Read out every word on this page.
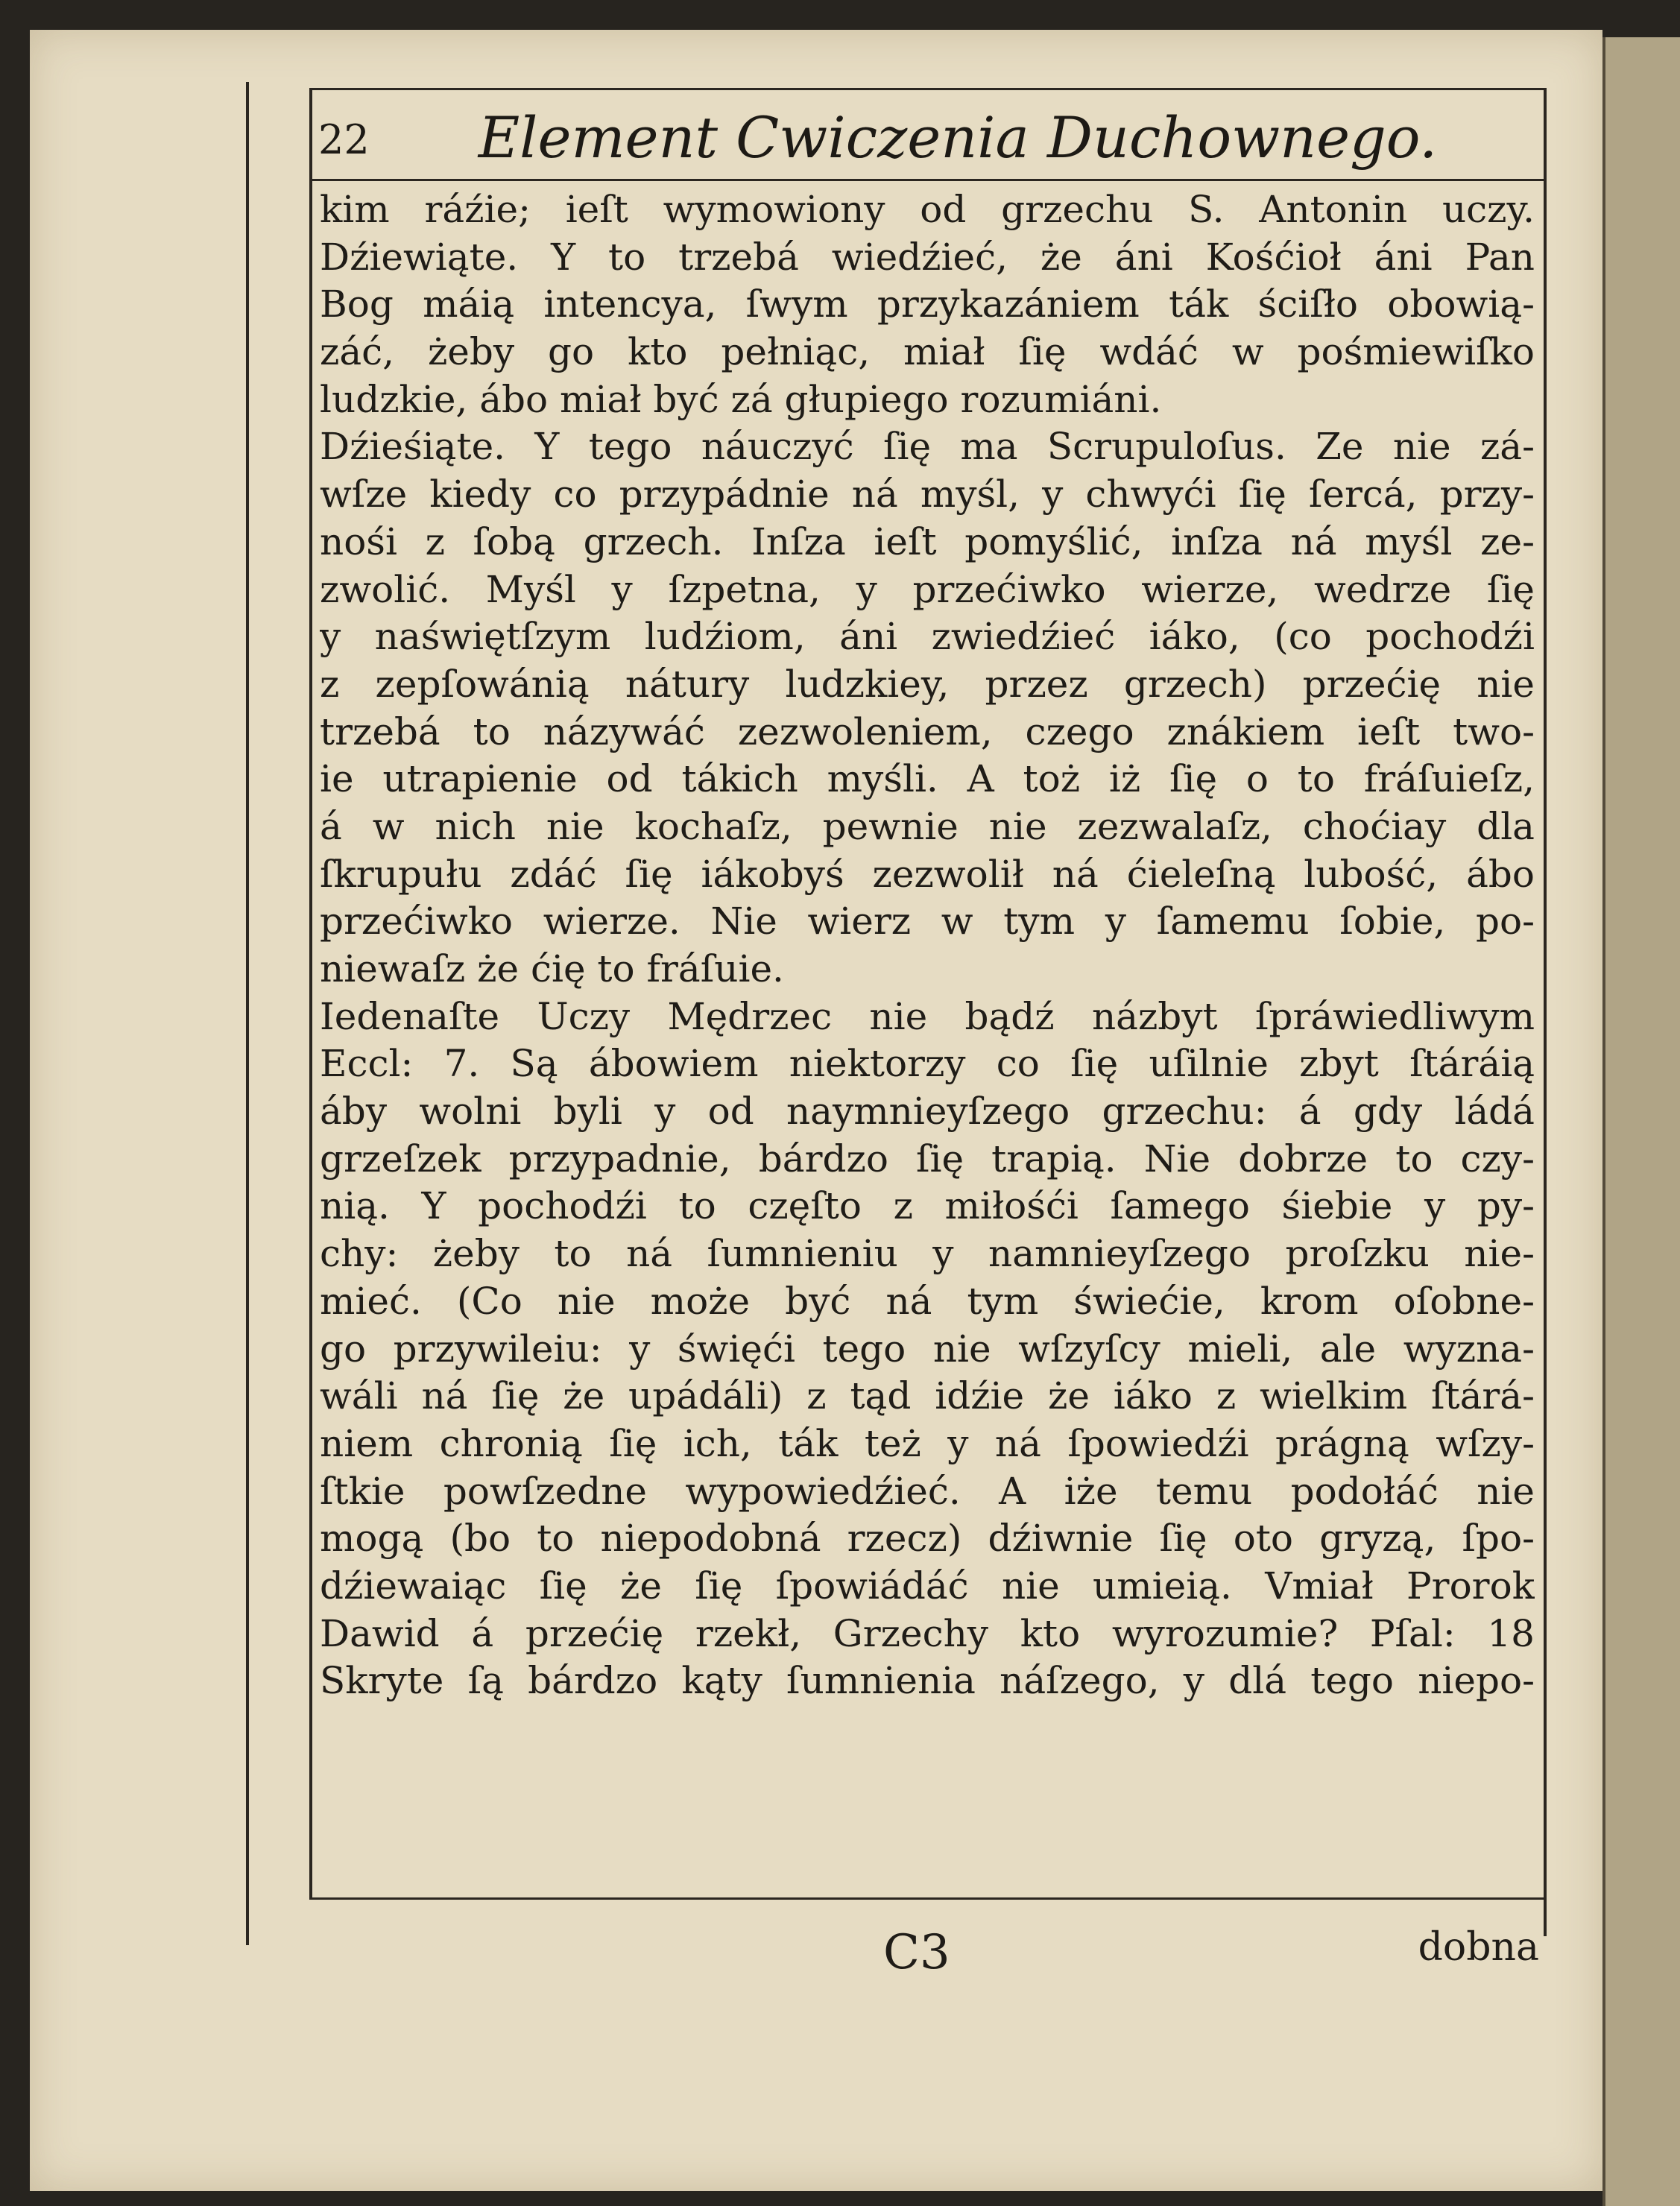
22	Element Cwiczenia Duchownego.
kim ráźie; ieſt wymowiony od grzechu S. Antonin uczy.
Dźiewiąte. Y to trzebá wiedźieć, że áni Kośćioł áni Pan
Bog máią intencya, ſwym przykazániem ták ściſło obowią-
záć, żeby go kto pełniąc, miał ſię wdáć w pośmiewiſko
ludzkie, ábo miał być zá głupiego rozumiáni.
Dźieśiąte. Y tego náuczyć ſię ma Scrupuloſus. Ze nie zá-
wſze kiedy co przypádnie ná myśl, y chwyći ſię ſercá, przy-
nośi z ſobą grzech. Inſza ieſt pomyślić, inſza ná myśl ze-
zwolić. Myśl y ſzpetna, y przećiwko wierze, wedrze ſię
y naświętſzym ludźiom, áni zwiedźieć iáko, (co pochodźi
z zepſowánią nátury ludzkiey, przez grzech) przećię nie
trzebá to názywáć zezwoleniem, czego znákiem ieſt two-
ie utrapienie od tákich myśli. A toż iż ſię o to fráſuieſz,
á w nich nie kochaſz, pewnie nie zezwalaſz, choćiay dla
ſkrupułu zdáć ſię iákobyś zezwolił ná ćieleſną lubość, ábo
przećiwko wierze. Nie wierz w tym y ſamemu ſobie, po-
niewaſz że ćię to fráſuie.
Iedenaſte Uczy Mędrzec nie bądź názbyt ſpráwiedliwym
Eccl: 7. Są ábowiem niektorzy co ſię uſilnie zbyt ſtáráią
áby wolni byli y od naymnieyſzego grzechu: á gdy ládá
grzeſzek przypadnie, bárdzo ſię trapią. Nie dobrze to czy-
nią. Y pochodźi to częſto z miłośći ſamego śiebie y py-
chy: żeby to ná ſumnieniu y namnieyſzego proſzku nie-
mieć. (Co nie może być ná tym świećie, krom oſobne-
go przywileiu: y święći tego nie wſzyſcy mieli, ale wyzna-
wáli ná ſię że upádáli) z tąd idźie że iáko z wielkim ſtárá-
niem chronią ſię ich, ták też y ná ſpowiedźi prágną wſzy-
ſtkie powſzedne wypowiedźieć. A iże temu podołáć nie
mogą (bo to niepodobná rzecz) dźiwnie ſię oto gryzą, ſpo-
dźiewaiąc ſię że ſię ſpowiádáć nie umieią. Vmiał Prorok
Dawid á przećię rzekł, Grzechy kto wyrozumie? Pſal: 18
Skryte ſą bárdzo kąty ſumnienia náſzego, y dlá tego niepo-
C3	dobna
